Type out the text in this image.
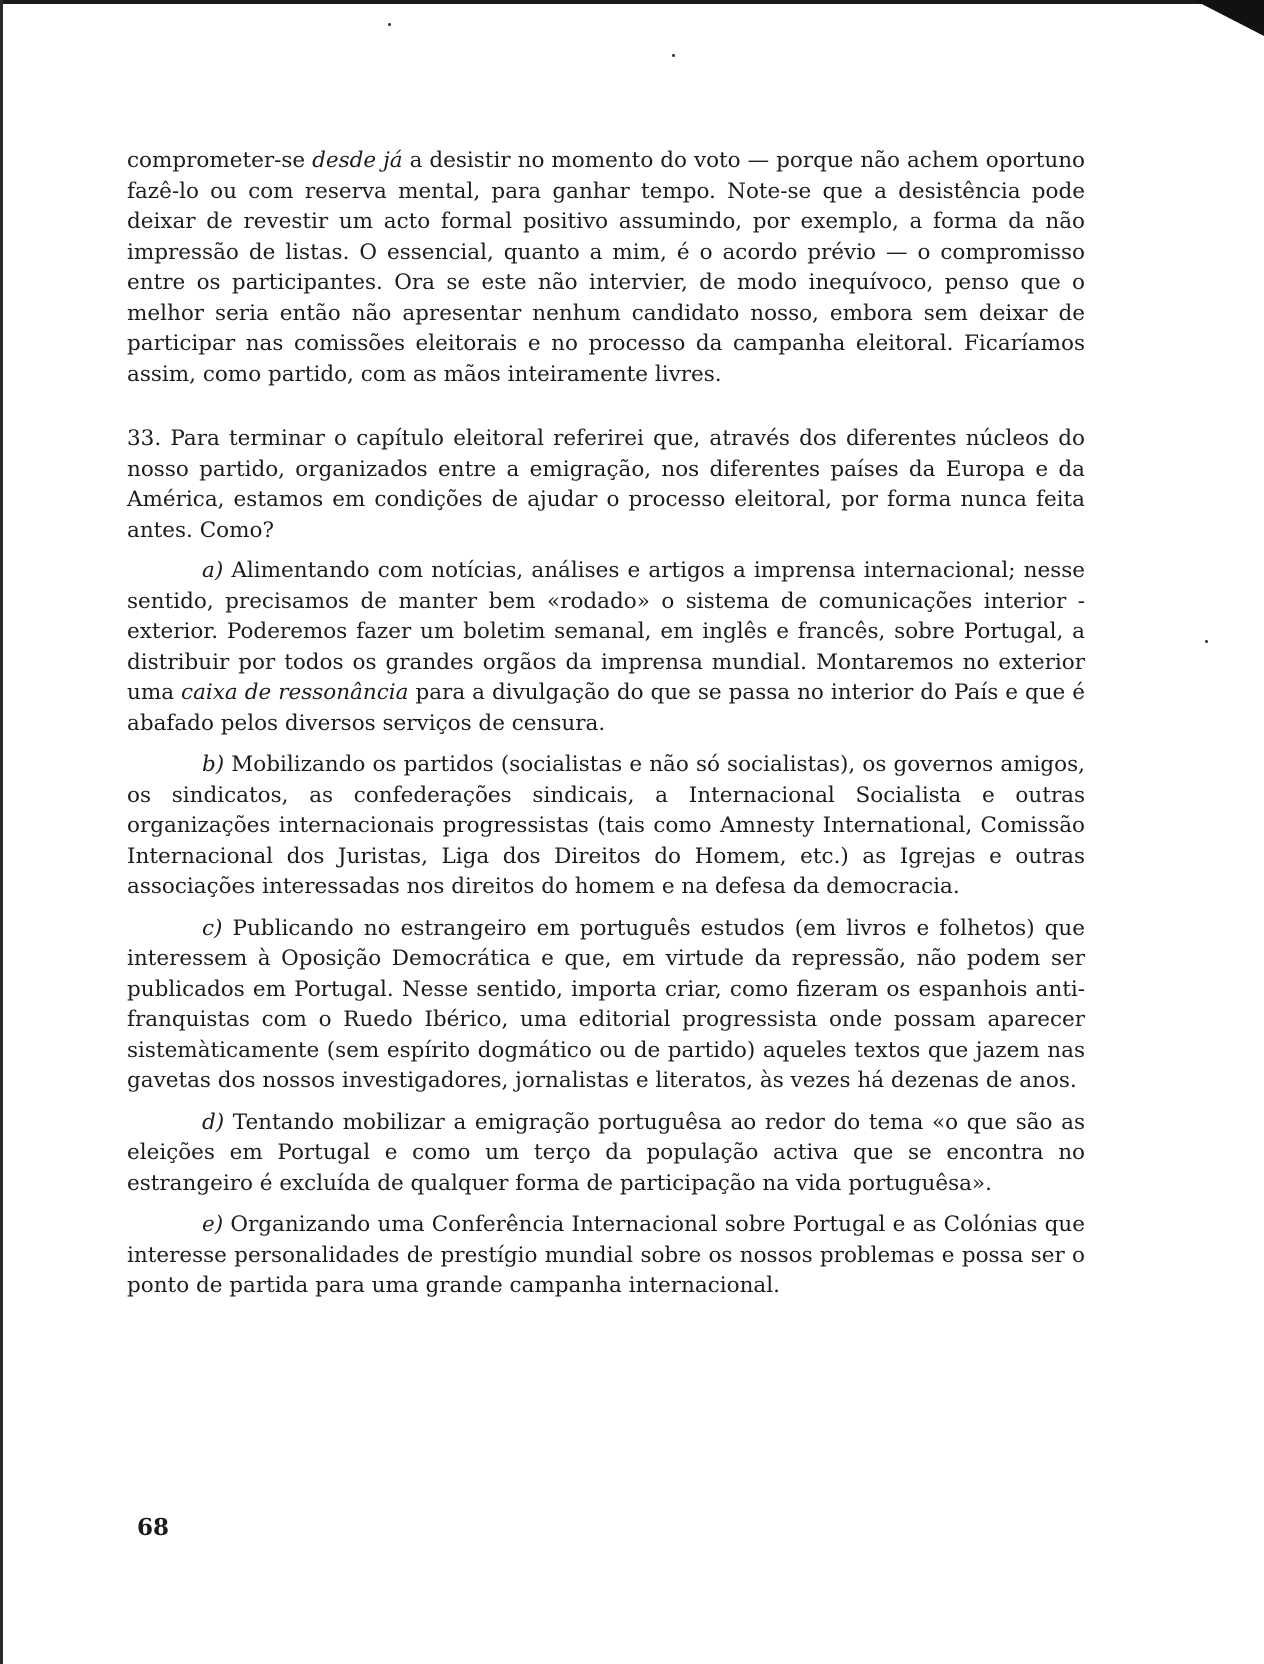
comprometer-se desde já a desistir no momento do voto — porque não achem oportuno fazê-lo ou com reserva mental, para ganhar tempo. Note-se que a desistência pode deixar de revestir um acto formal positivo assumindo, por exemplo, a forma da não impressão de listas. O essencial, quanto a mim, é o acordo prévio — o compromisso entre os participantes. Ora se este não intervier, de modo inequívoco, penso que o melhor seria então não apresentar nenhum candidato nosso, embora sem deixar de participar nas comissões eleitorais e no processo da campanha eleitoral. Ficaríamos assim, como partido, com as mãos inteiramente livres.

33. Para terminar o capítulo eleitoral referirei que, através dos diferentes núcleos do nosso partido, organizados entre a emigração, nos diferentes países da Europa e da América, estamos em condições de ajudar o processo eleitoral, por forma nunca feita antes. Como?

a) Alimentando com notícias, análises e artigos a imprensa internacional; nesse sentido, precisamos de manter bem «rodado» o sistema de comunicações interior - exterior. Poderemos fazer um boletim semanal, em inglês e francês, sobre Portugal, a distribuir por todos os grandes orgãos da imprensa mundial. Montaremos no exterior uma caixa de ressonância para a divulgação do que se passa no interior do País e que é abafado pelos diversos serviços de censura.

b) Mobilizando os partidos (socialistas e não só socialistas), os governos amigos, os sindicatos, as confederações sindicais, a Internacional Socialista e outras organizações internacionais progressistas (tais como Amnesty International, Comissão Internacional dos Juristas, Liga dos Direitos do Homem, etc.) as Igrejas e outras associações interessadas nos direitos do homem e na defesa da democracia.

c) Publicando no estrangeiro em português estudos (em livros e folhetos) que interessem à Oposição Democrática e que, em virtude da repressão, não podem ser publicados em Portugal. Nesse sentido, importa criar, como fizeram os espanhois anti-franquistas com o Ruedo Ibérico, uma editorial progressista onde possam aparecer sistemàticamente (sem espírito dogmático ou de partido) aqueles textos que jazem nas gavetas dos nossos investigadores, jornalistas e literatos, às vezes há dezenas de anos.

d) Tentando mobilizar a emigração portuguêsa ao redor do tema «o que são as eleições em Portugal e como um terço da população activa que se encontra no estrangeiro é excluída de qualquer forma de participação na vida portuguêsa».

e) Organizando uma Conferência Internacional sobre Portugal e as Colónias que interesse personalidades de prestígio mundial sobre os nossos problemas e possa ser o ponto de partida para uma grande campanha internacional.

68
